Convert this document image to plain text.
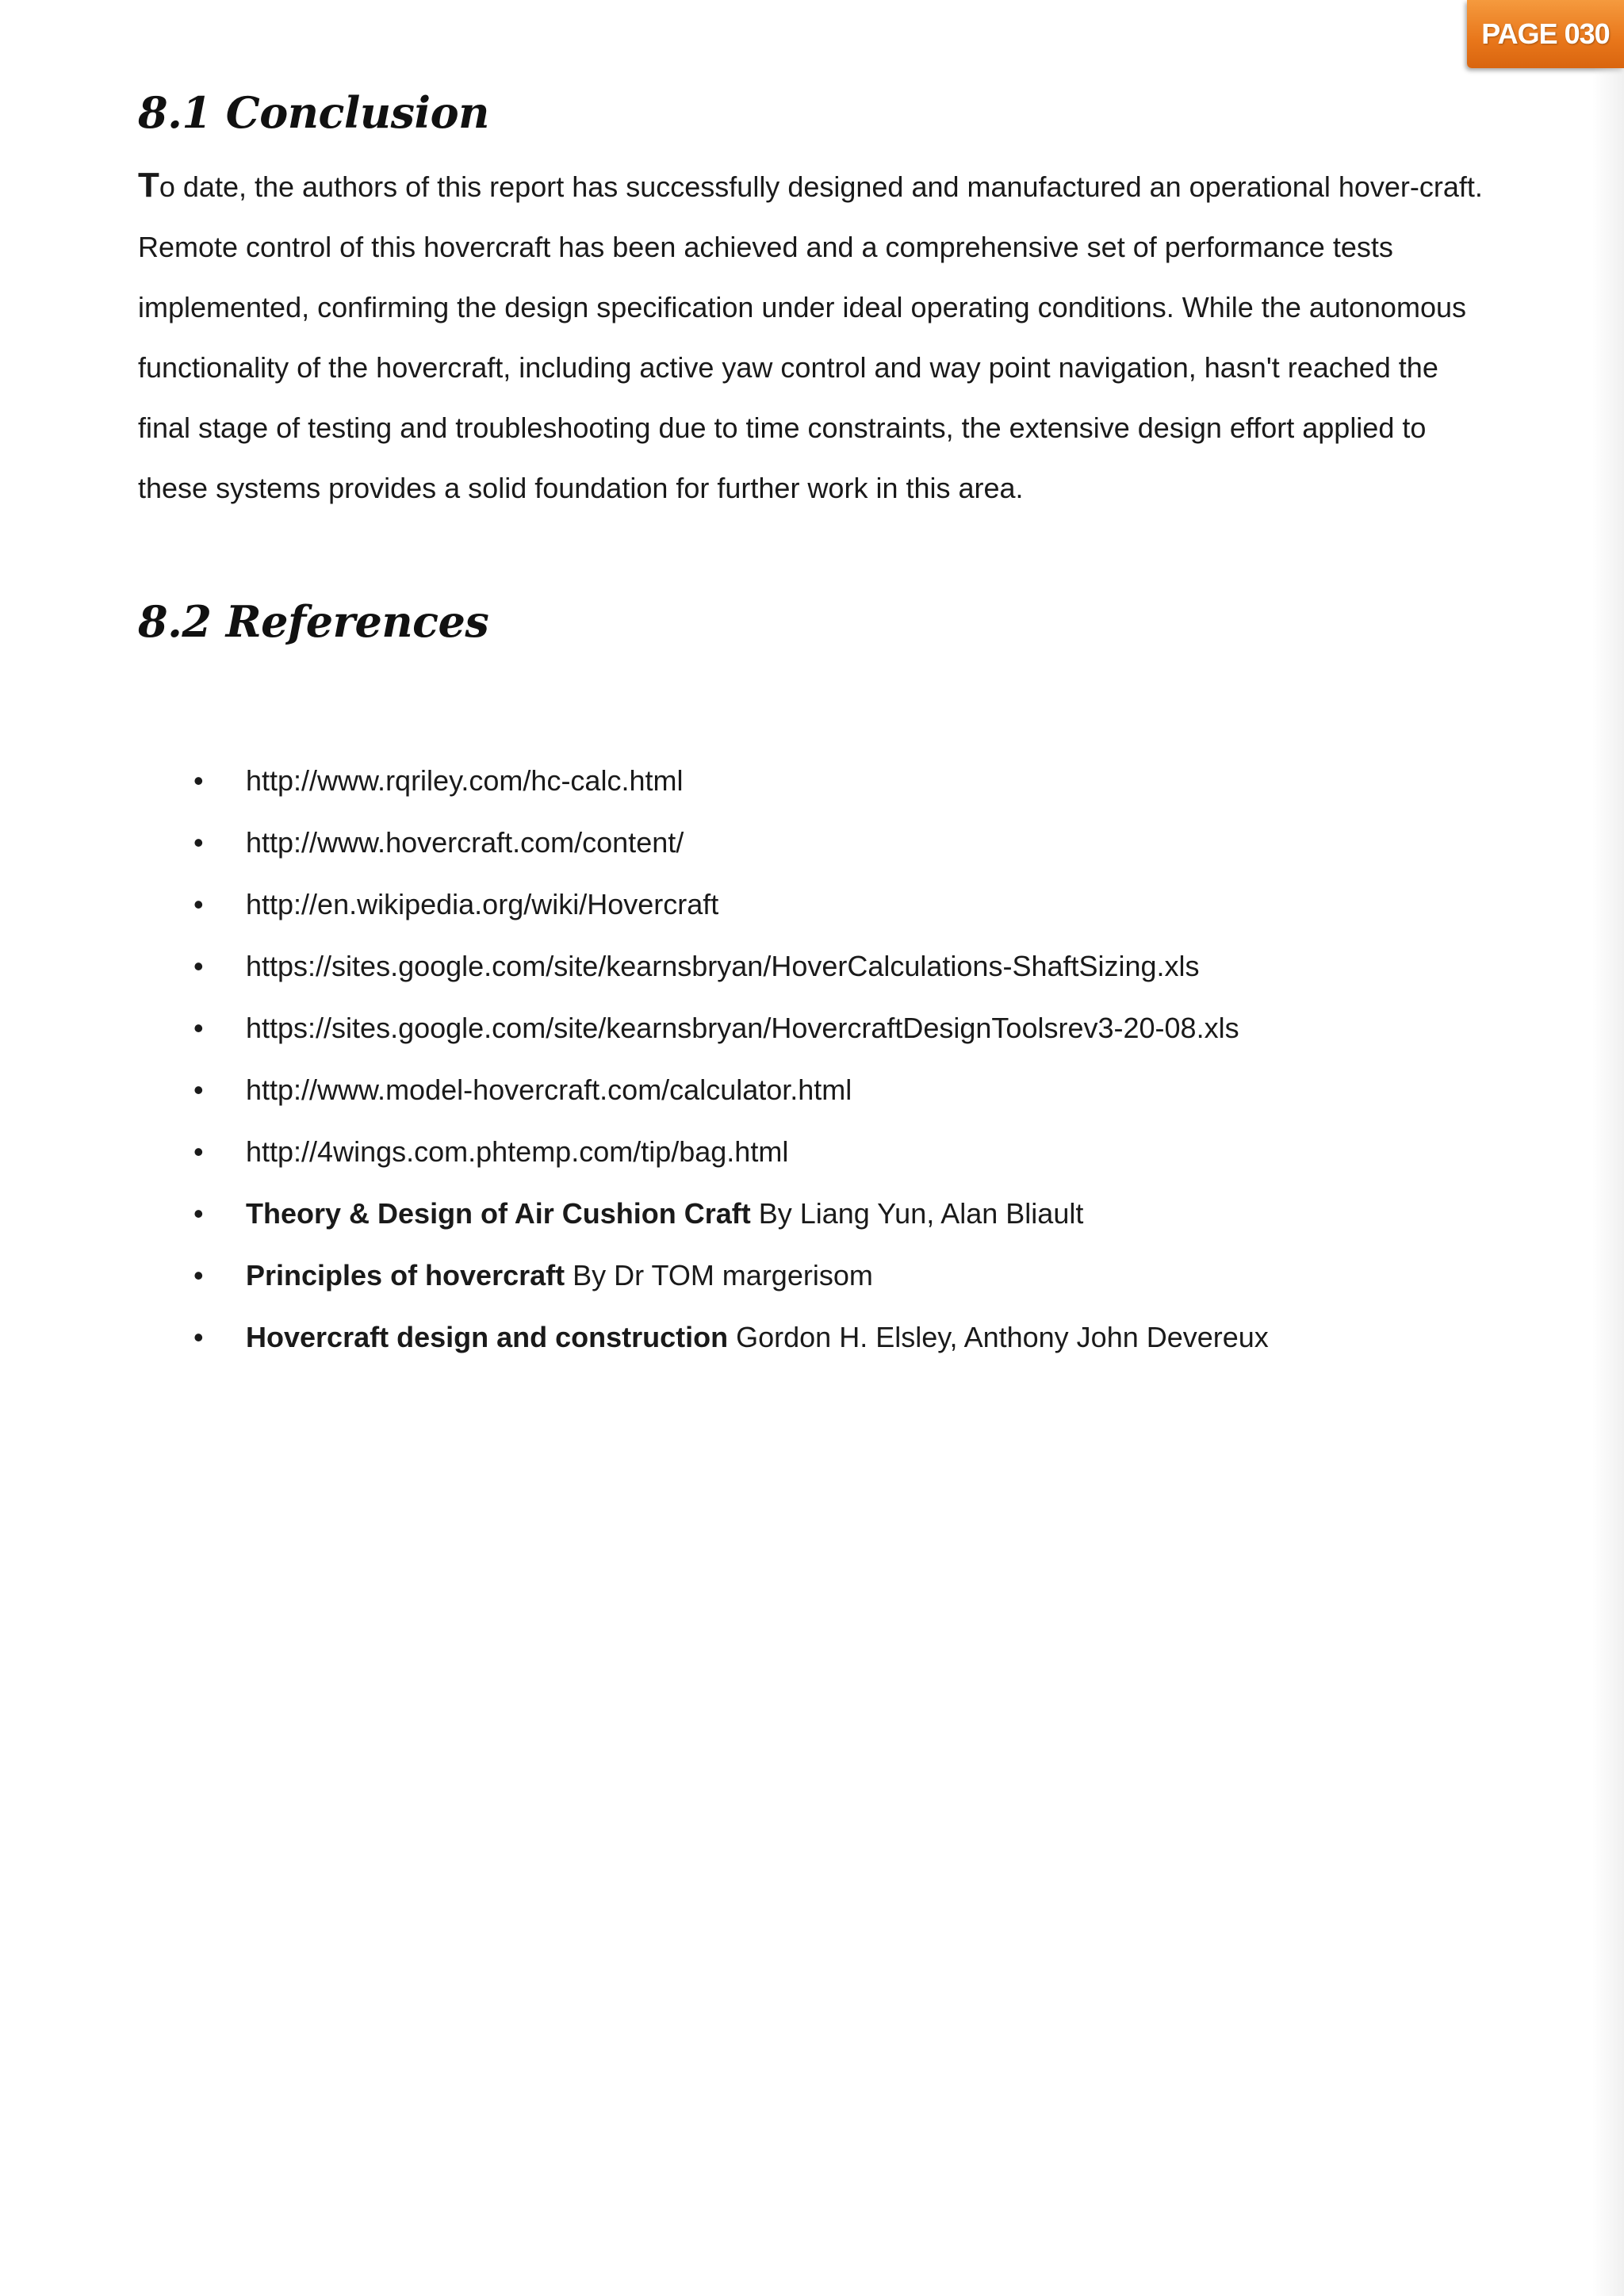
PAGE 030
8.1 Conclusion

To date, the authors of this report has successfully designed and manufactured an operational hover-craft. Remote control of this hovercraft has been achieved and a comprehensive set of performance tests implemented, confirming the design specification under ideal operating conditions. While the autonomous functionality of the hovercraft, including active yaw control and way point navigation, hasn't reached the final stage of testing and troubleshooting due to time constraints, the extensive design effort applied to these systems provides a solid foundation for further work in this area.

8.2 References
• http://www.rqriley.com/hc-calc.html
• http://www.hovercraft.com/content/
• http://en.wikipedia.org/wiki/Hovercraft
• https://sites.google.com/site/kearnsbryan/HoverCalculations-ShaftSizing.xls
• https://sites.google.com/site/kearnsbryan/HovercraftDesignToolsrev3-20-08.xls
• http://www.model-hovercraft.com/calculator.html
• http://4wings.com.phtemp.com/tip/bag.html
• Theory & Design of Air Cushion Craft By Liang Yun, Alan Bliault
• Principles of hovercraft By Dr TOM margerisom
• Hovercraft design and construction Gordon H. Elsley, Anthony John Devereux
